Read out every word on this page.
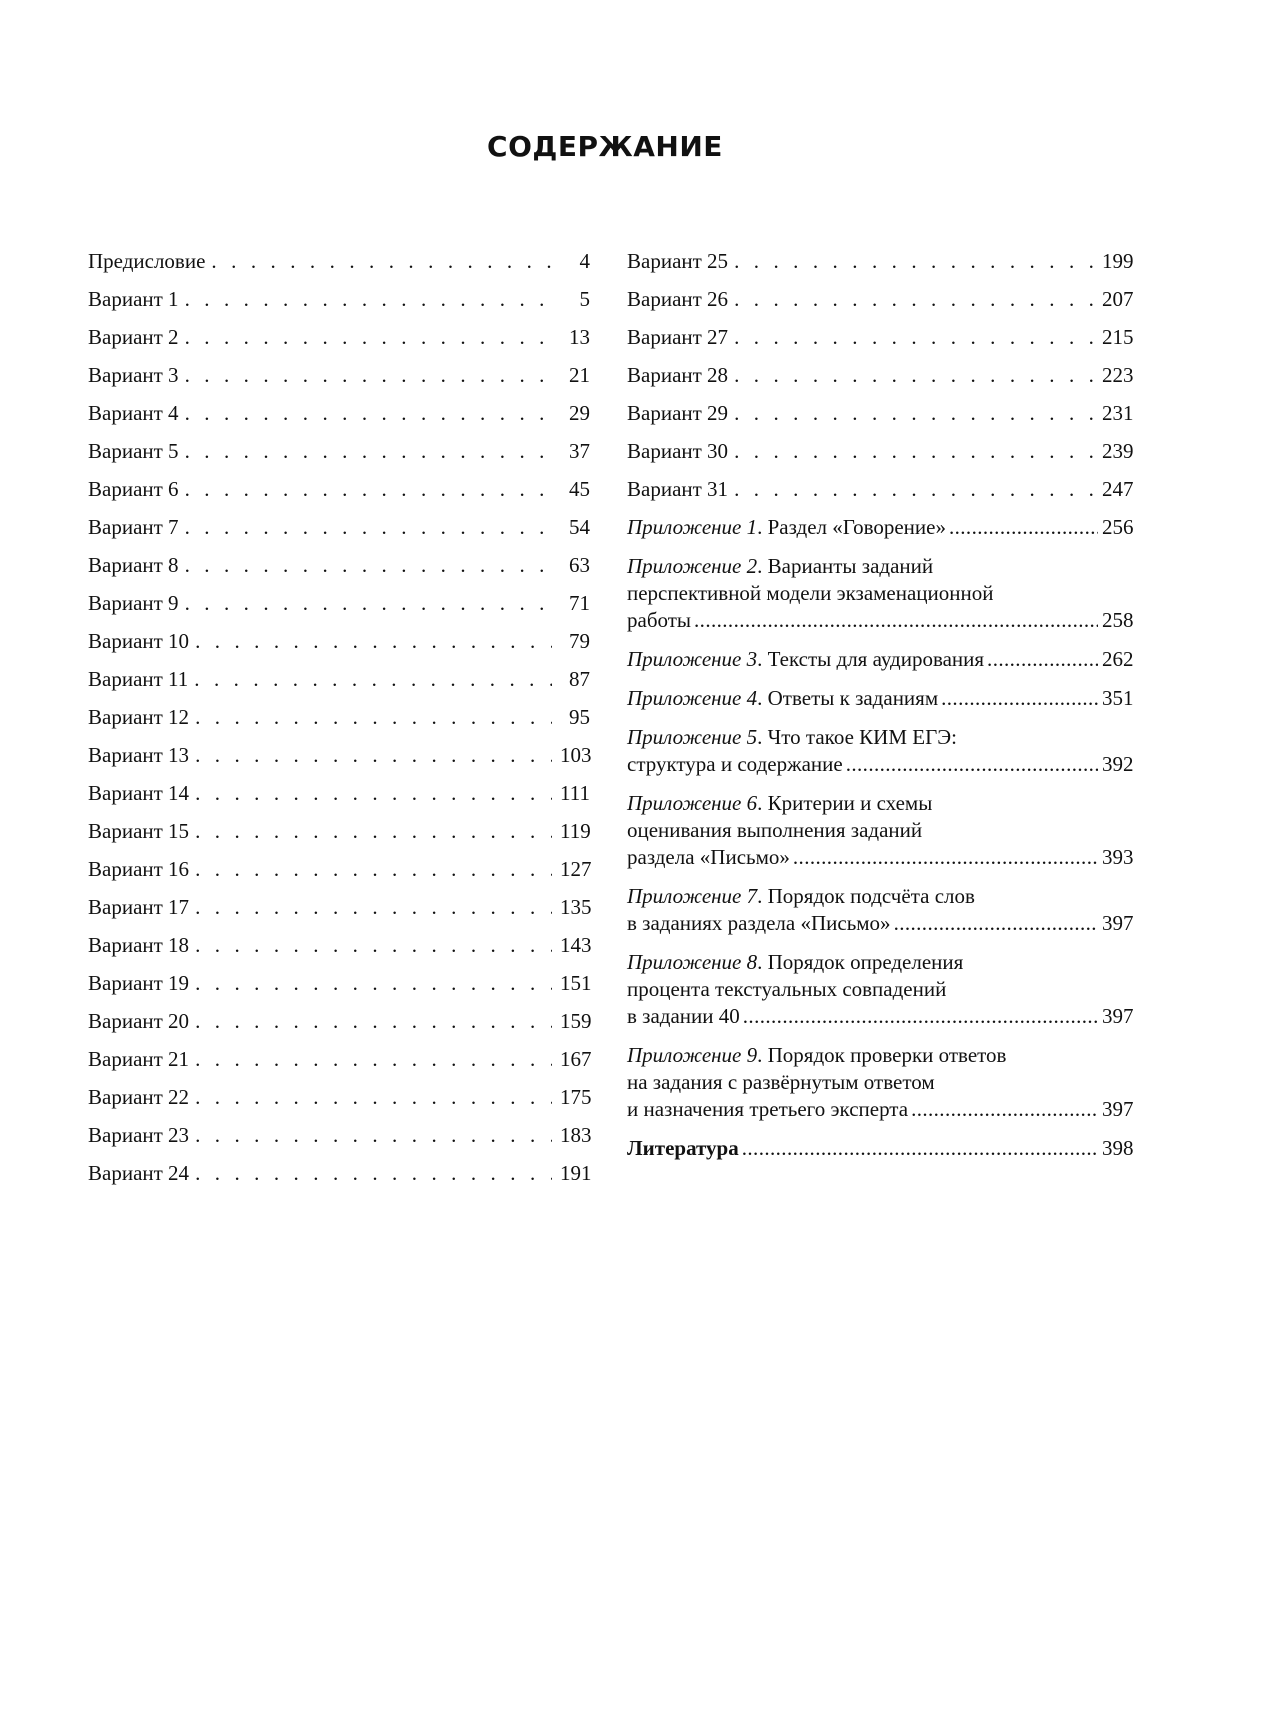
СОДЕРЖАНИЕ
Предисловие . . .	4
Вариант 1 . . .	5
Вариант 2 . . .	13
Вариант 3 . . .	21
Вариант 4 . . .	29
Вариант 5 . . .	37
Вариант 6 . . .	45
Вариант 7 . . .	54
Вариант 8 . . .	63
Вариант 9 . . .	71
Вариант 10 . . .	79
Вариант 11 . . .	87
Вариант 12 . . .	95
Вариант 13 . . .	103
Вариант 14 . . .	111
Вариант 15 . . .	119
Вариант 16 . . .	127
Вариант 17 . . .	135
Вариант 18 . . .	143
Вариант 19 . . .	151
Вариант 20 . . .	159
Вариант 21 . . .	167
Вариант 22 . . .	175
Вариант 23 . . .	183
Вариант 24 . . .	191
Вариант 25 . . .	199
Вариант 26 . . .	207
Вариант 27 . . .	215
Вариант 28 . . .	223
Вариант 29 . . .	231
Вариант 30 . . .	239
Вариант 31 . . .	247
Приложение 1. Раздел «Говорение» .....	256
Приложение 2. Варианты заданий
перспективной модели экзаменационной
работы .....	258
Приложение 3. Тексты для аудирования .....	262
Приложение 4. Ответы к заданиям .....	351
Приложение 5. Что такое КИМ ЕГЭ:
структура и содержание .....	392
Приложение 6. Критерии и схемы
оценивания выполнения заданий
раздела «Письмо» .....	393
Приложение 7. Порядок подсчёта слов
в заданиях раздела «Письмо» .....	397
Приложение 8. Порядок определения
процента текстуальных совпадений
в задании 40 .....	397
Приложение 9. Порядок проверки ответов
на задания с развёрнутым ответом
и назначения третьего эксперта .....	397
Литература .....	398
